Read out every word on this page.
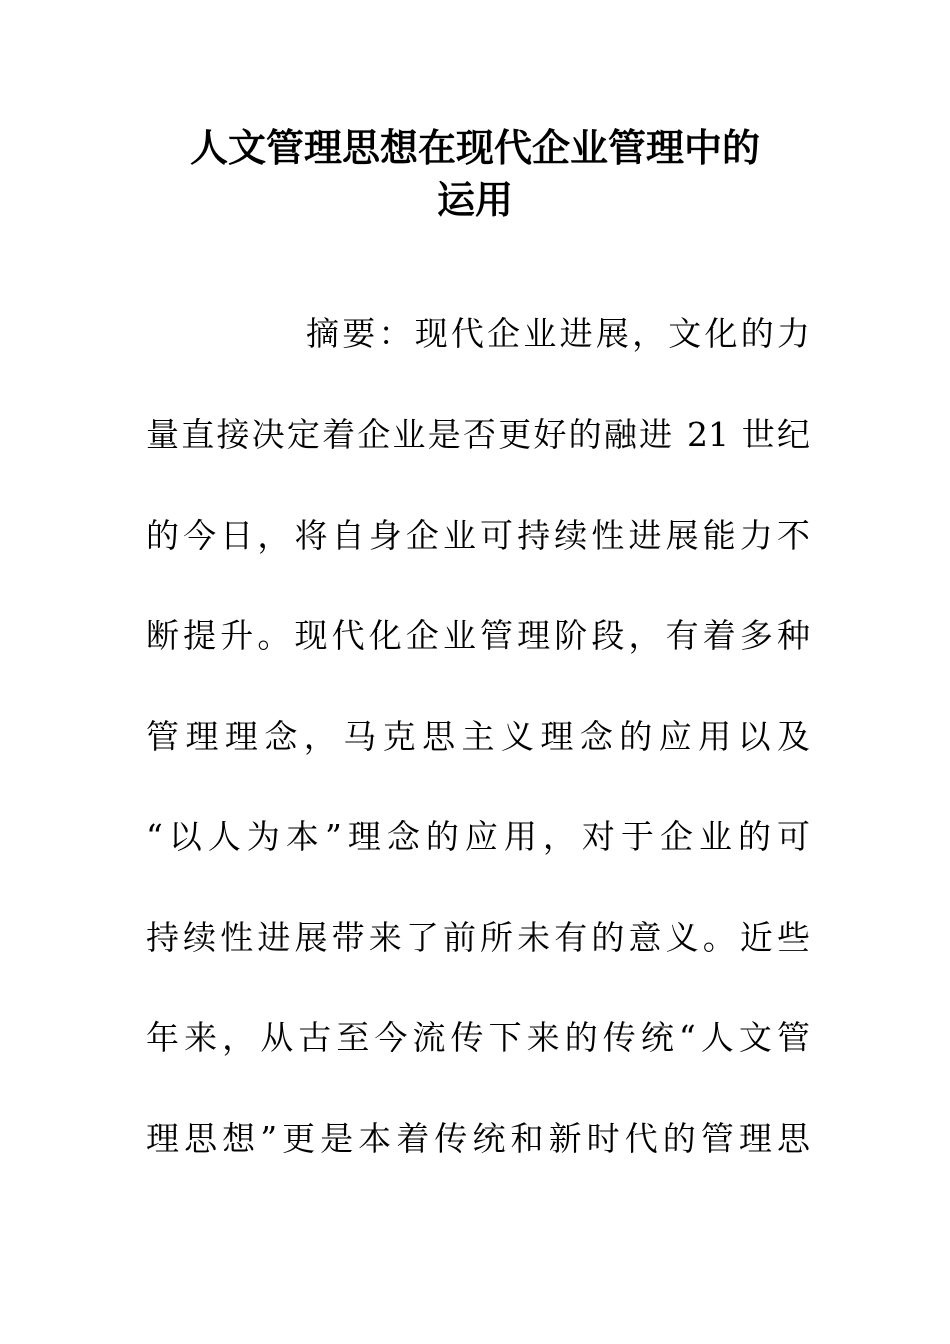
人文管理思想在现代企业管理中的
运用
摘要：现代企业进展，文化的力
量直接决定着企业是否更好的融进 21 世纪
的今日，将自身企业可持续性进展能力不
断提升。现代化企业管理阶段，有着多种
管理理念，马克思主义理念的应用以及
“以人为本”理念的应用，对于企业的可
持续性进展带来了前所未有的意义。近些
年来，从古至今流传下来的传统“人文管
理思想”更是本着传统和新时代的管理思
